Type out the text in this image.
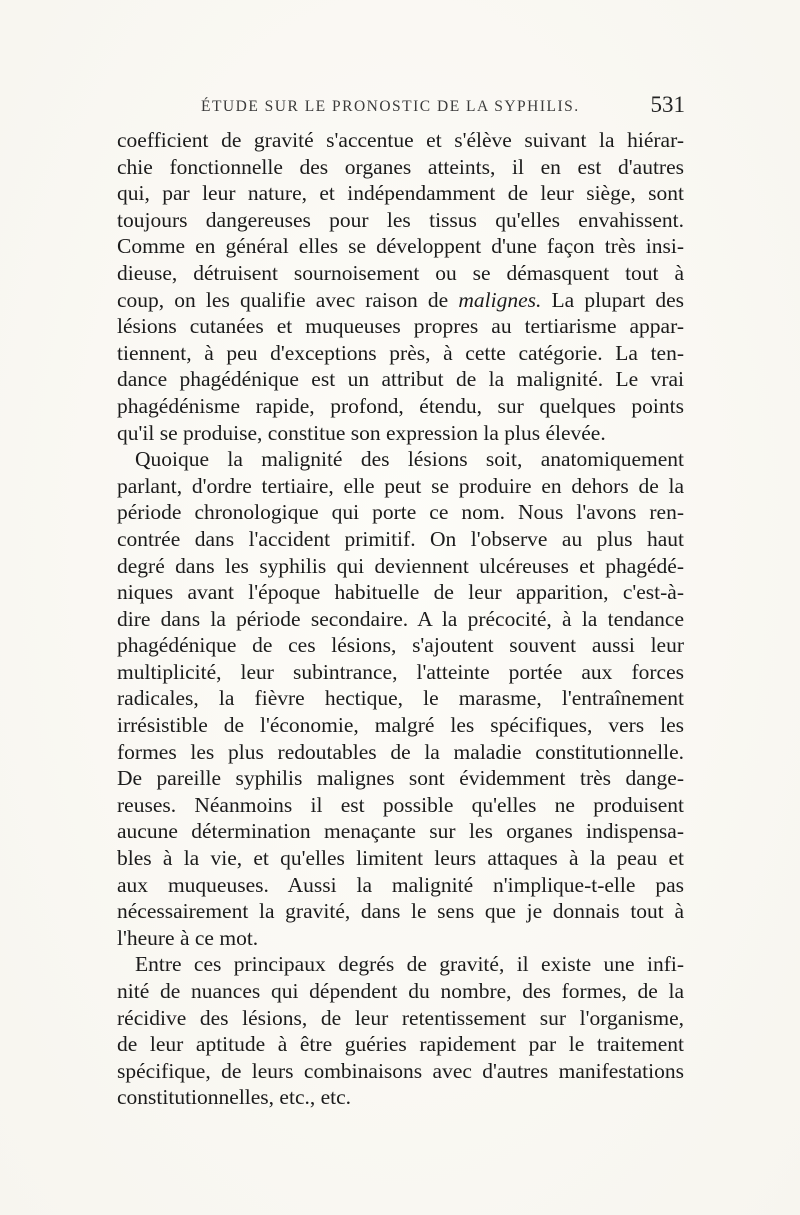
ÉTUDE SUR LE PRONOSTIC DE LA SYPHILIS.	531
coefficient de gravité s'accentue et s'élève suivant la hiérar-
chie fonctionnelle des organes atteints, il en est d'autres
qui, par leur nature, et indépendamment de leur siège, sont
toujours dangereuses pour les tissus qu'elles envahissent.
Comme en général elles se développent d'une façon très insi-
dieuse, détruisent sournoisement ou se démasquent tout à
coup, on les qualifie avec raison de malignes. La plupart des
lésions cutanées et muqueuses propres au tertiarisme appar-
tiennent, à peu d'exceptions près, à cette catégorie. La ten-
dance phagédénique est un attribut de la malignité. Le vrai
phagédénisme rapide, profond, étendu, sur quelques points
qu'il se produise, constitue son expression la plus élevée.
Quoique la malignité des lésions soit, anatomiquement
parlant, d'ordre tertiaire, elle peut se produire en dehors de la
période chronologique qui porte ce nom. Nous l'avons ren-
contrée dans l'accident primitif. On l'observe au plus haut
degré dans les syphilis qui deviennent ulcéreuses et phagédé-
niques avant l'époque habituelle de leur apparition, c'est-à-
dire dans la période secondaire. A la précocité, à la tendance
phagédénique de ces lésions, s'ajoutent souvent aussi leur
multiplicité, leur subintrance, l'atteinte portée aux forces
radicales, la fièvre hectique, le marasme, l'entraînement
irrésistible de l'économie, malgré les spécifiques, vers les
formes les plus redoutables de la maladie constitutionnelle.
De pareille syphilis malignes sont évidemment très dange-
reuses. Néanmoins il est possible qu'elles ne produisent
aucune détermination menaçante sur les organes indispensa-
bles à la vie, et qu'elles limitent leurs attaques à la peau et
aux muqueuses. Aussi la malignité n'implique-t-elle pas
nécessairement la gravité, dans le sens que je donnais tout à
l'heure à ce mot.
Entre ces principaux degrés de gravité, il existe une infi-
nité de nuances qui dépendent du nombre, des formes, de la
récidive des lésions, de leur retentissement sur l'organisme,
de leur aptitude à être guéries rapidement par le traitement
spécifique, de leurs combinaisons avec d'autres manifestations
constitutionnelles, etc., etc.
